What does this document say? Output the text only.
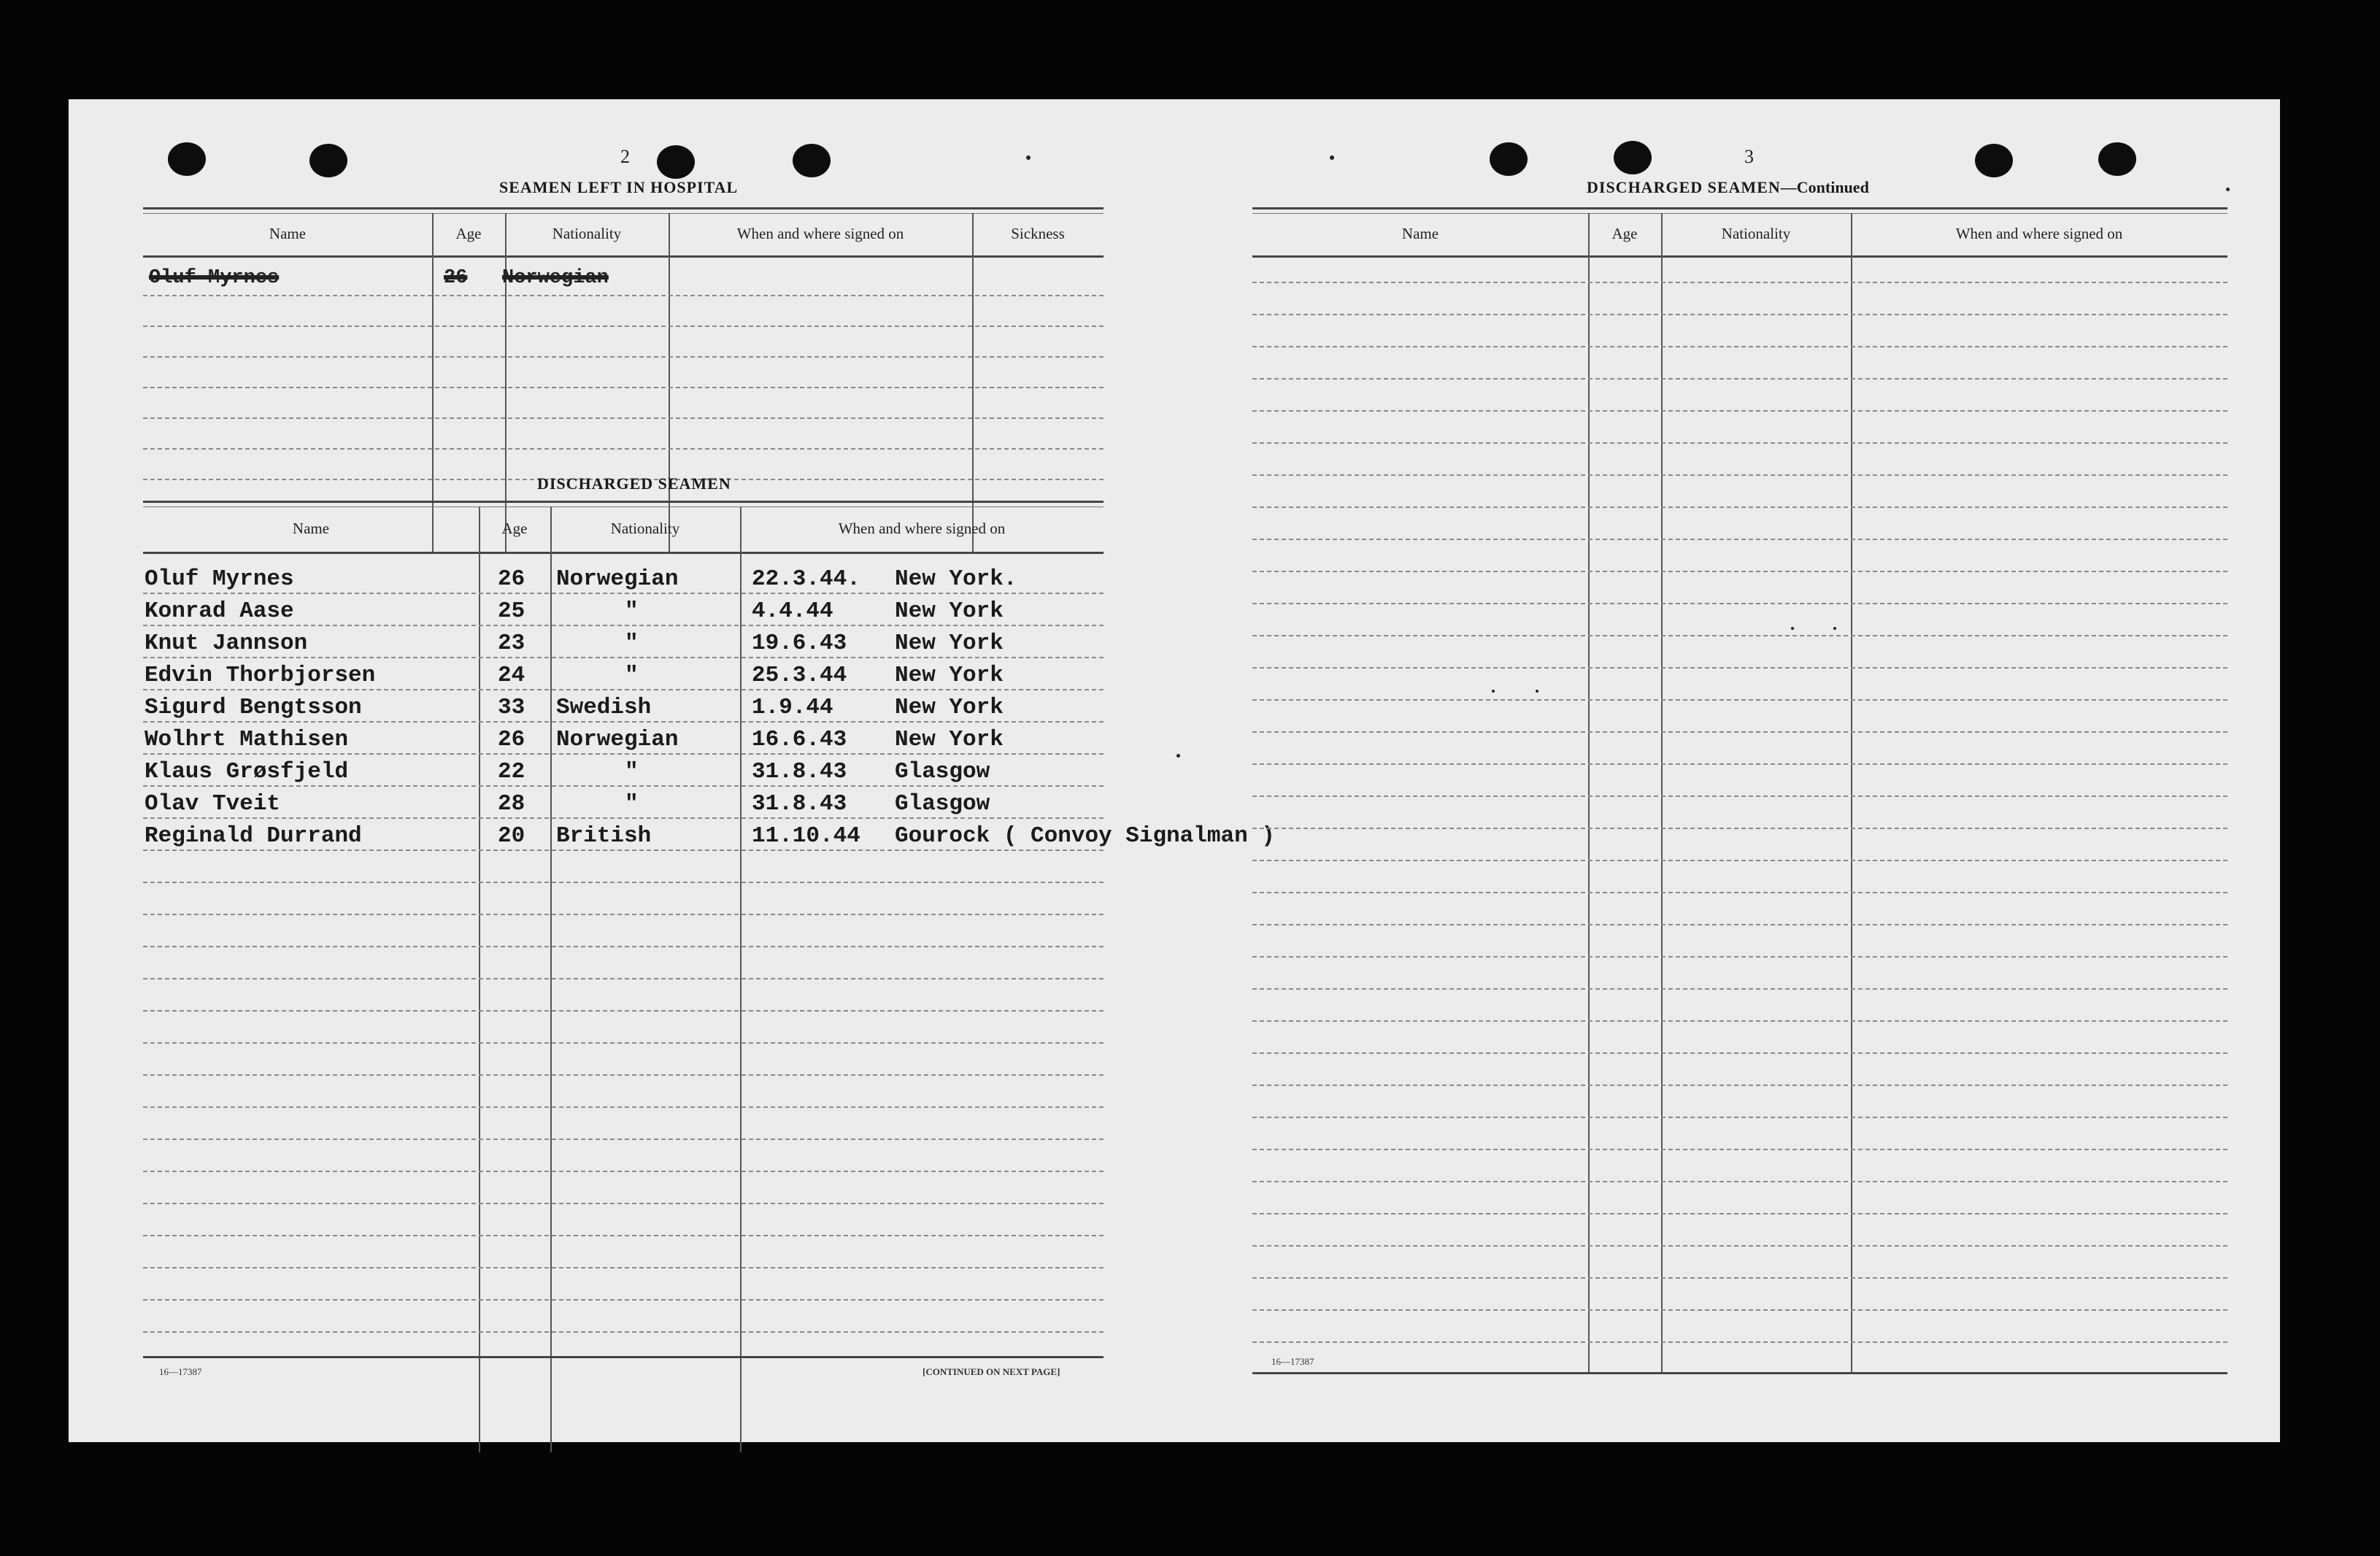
2
SEAMEN LEFT IN HOSPITAL
Name	Age	Nationality	When and where signed on	Sickness
Oluf Myrnes	26 Norwegian
DISCHARGED SEAMEN
Name	Age	Nationality	When and where signed on
Oluf Myrnes	26 Norwegian	22.3.44. New York.
Konrad Aase	25	"	4.4.44	New York
Knut Jannson	23	"	19.6.43 New York
Edvin Thorbjorsen	24	"	25.3.44 New York
Sigurd Bengtsson	33 Swedish	1.9.44	New York
Wolhrt Mathisen	26 Norwegian	16.6.43 New York
Klaus Grøsfjeld	22	"	31.8.43 Glasgow
Olav Tveit	28	"	31.8.43 Glasgow
Reginald Durrand	20 British	11.10.44 Gourock ( Convoy Signalman )
16—17387	[CONTINUED ON NEXT PAGE]
3
DISCHARGED SEAMEN—Continued
Name	Age	Nationality	When and where signed on
16—17387
